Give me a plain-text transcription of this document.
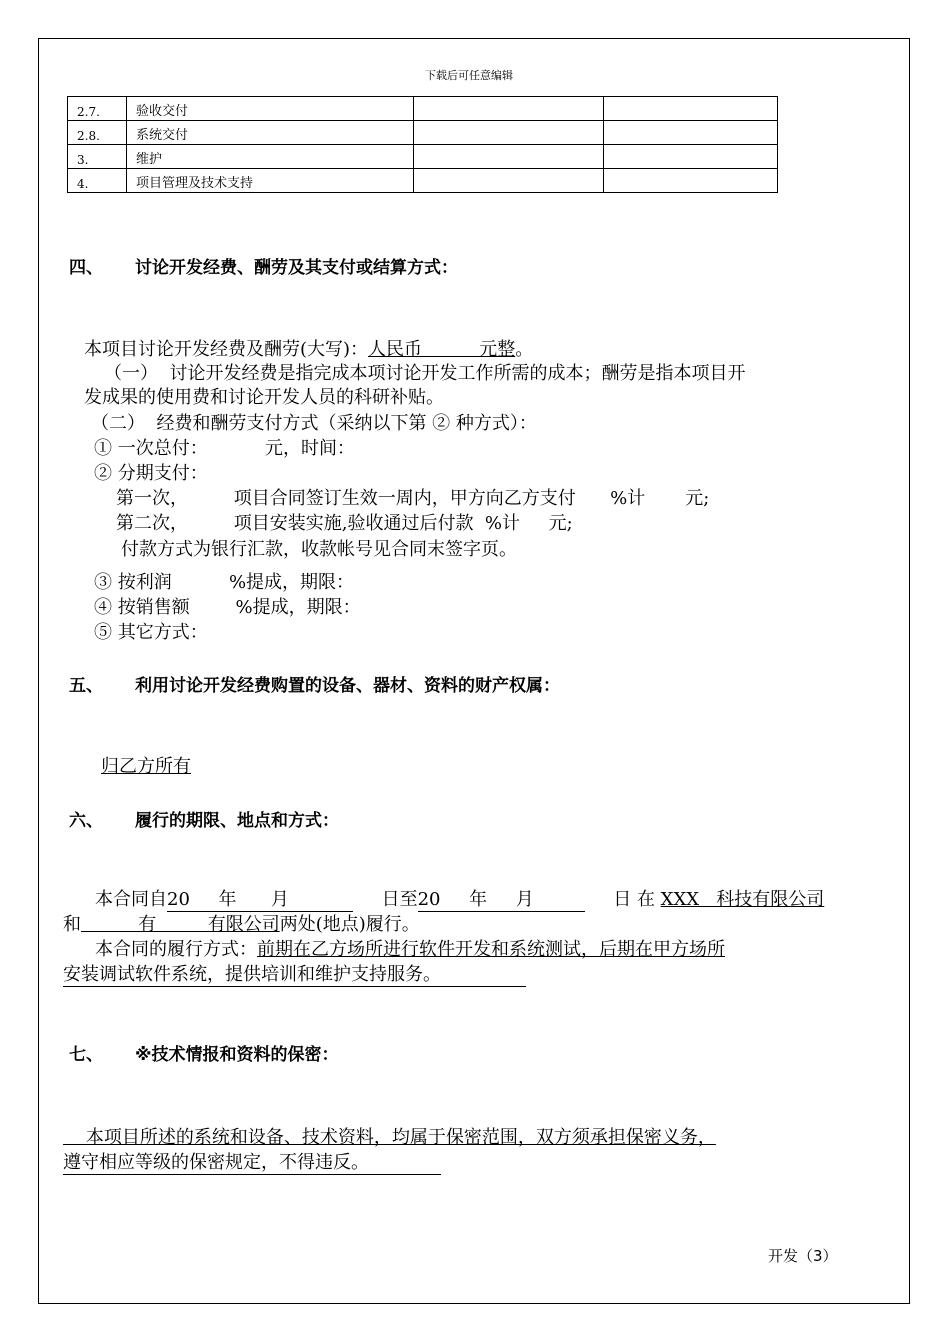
下载后可任意编辑
2.7.	验收交付		
2.8.	系统交付		
3.	维护		
4.	项目管理及技术支持		
四、 讨论开发经费、酬劳及其支付或结算方式：
本项目讨论开发经费及酬劳(大写)：人民币          元整。
（一）  讨论开发经费是指完成本项讨论开发工作所需的成本；酬劳是指本项目开
发成果的使用费和讨论开发人员的科研补贴。
（二）  经费和酬劳支付方式（采纳以下第 ② 种方式）：
① 一次总付：          元，时间：
② 分期支付：
第一次，        项目合同签订生效一周内，甲方向乙方支付      %计       元;
第二次，        项目安装实施,验收通过后付款  %计     元;
付款方式为银行汇款，收款帐号见合同末签字页。
③ 按利润          %提成，期限：
④ 按销售额        %提成，期限：
⑤ 其它方式：
五、 利用讨论开发经费购置的设备、器材、资料的财产权属：
归乙方所有
六、 履行的期限、地点和方式：
本合同自20     年      月	日至20     年     月	日 在 XXX   科技有限公司
和          有         有限公司两处(地点)履行。
本合同的履行方式：前期在乙方场所进行软件开发和系统测试，后期在甲方场所
安装调试软件系统，提供培训和维护支持服务。
七、 ※技术情报和资料的保密：
本项目所述的系统和设备、技术资料，均属于保密范围，双方须承担保密义务，
遵守相应等级的保密规定，不得违反。
开发（3）
